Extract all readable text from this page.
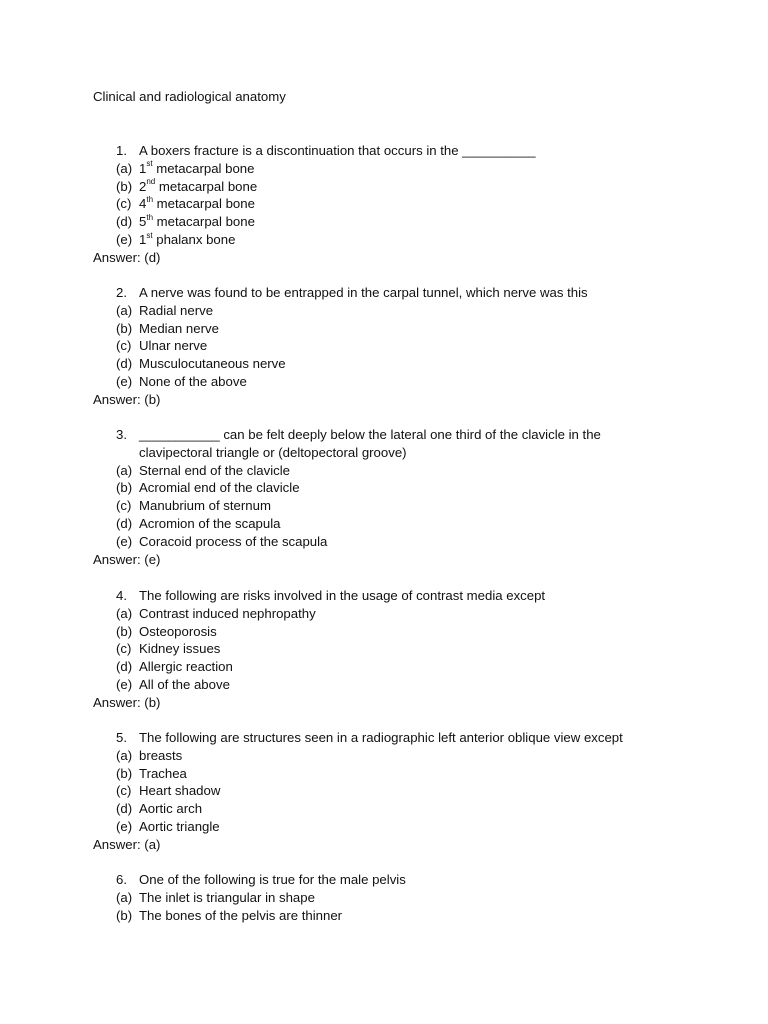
Clinical and radiological anatomy
1. A boxers fracture is a discontinuation that occurs in the __________
(a) 1st metacarpal bone
(b) 2nd metacarpal bone
(c) 4th metacarpal bone
(d) 5th metacarpal bone
(e) 1st phalanx bone
Answer: (d)
2. A nerve was found to be entrapped in the carpal tunnel, which nerve was this
(a) Radial nerve
(b) Median nerve
(c) Ulnar nerve
(d) Musculocutaneous nerve
(e) None of the above
Answer: (b)
3. ___________ can be felt deeply below the lateral one third of the clavicle in the
clavipectoral triangle or (deltopectoral groove)
(a) Sternal end of the clavicle
(b) Acromial end of the clavicle
(c) Manubrium of sternum
(d) Acromion of the scapula
(e) Coracoid process of the scapula
Answer: (e)
4. The following are risks involved in the usage of contrast media except
(a) Contrast induced nephropathy
(b) Osteoporosis
(c) Kidney issues
(d) Allergic reaction
(e) All of the above
Answer: (b)
5. The following are structures seen in a radiographic left anterior oblique view except
(a) breasts
(b) Trachea
(c) Heart shadow
(d) Aortic arch
(e) Aortic triangle
Answer: (a)
6. One of the following is true for the male pelvis
(a) The inlet is triangular in shape
(b) The bones of the pelvis are thinner
